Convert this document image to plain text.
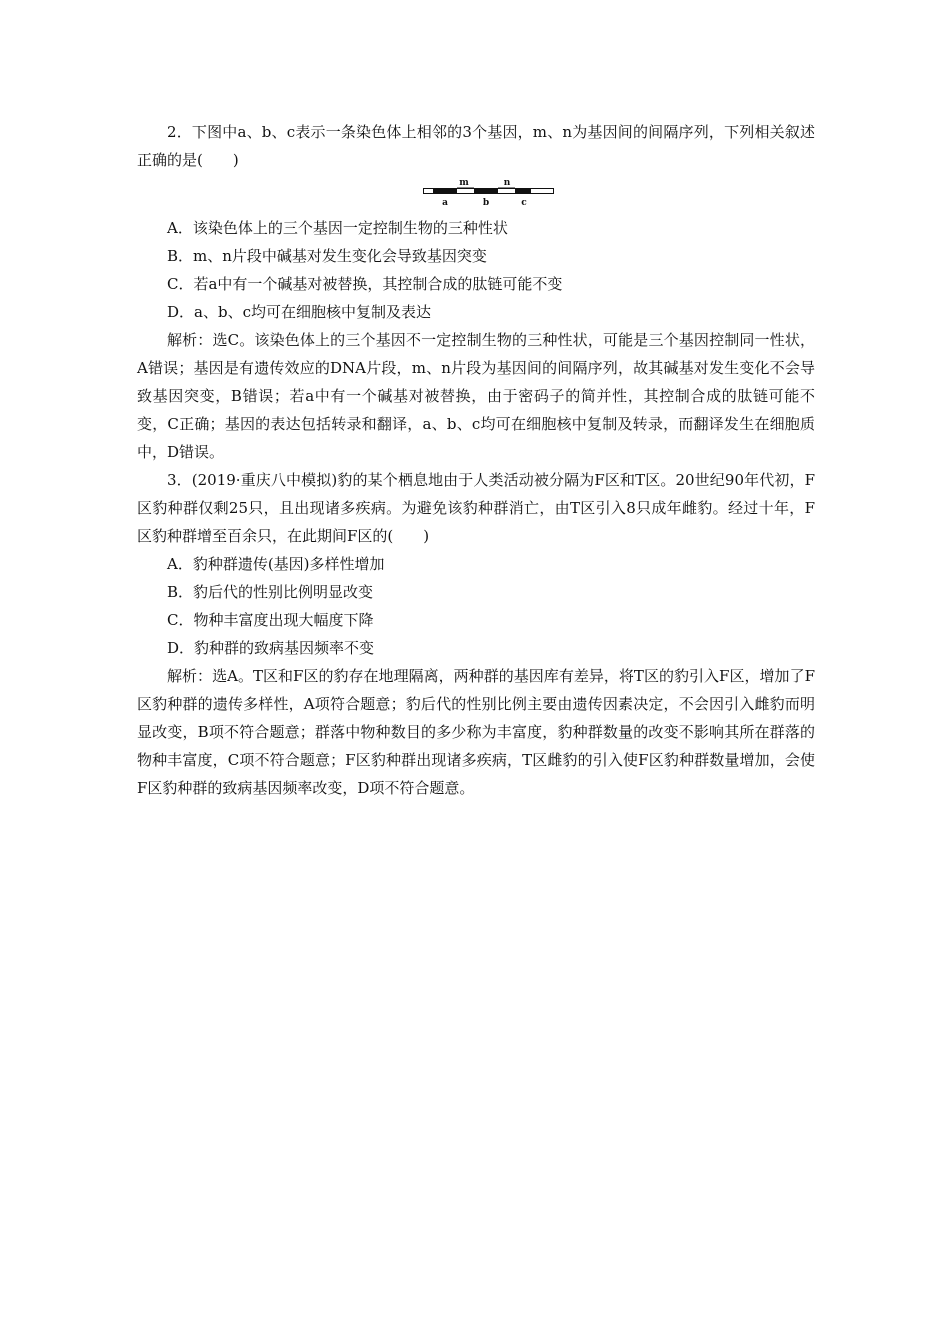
2．下图中a、b、c表示一条染色体上相邻的3个基因，m、n为基因间的间隔序列，下列相关叙述正确的是(　　)

m	n
a	b	c

A．该染色体上的三个基因一定控制生物的三种性状

B．m、n片段中碱基对发生变化会导致基因突变

C．若a中有一个碱基对被替换，其控制合成的肽链可能不变

D．a、b、c均可在细胞核中复制及表达

解析：选C。该染色体上的三个基因不一定控制生物的三种性状，可能是三个基因控制同一性状，A错误；基因是有遗传效应的DNA片段，m、n片段为基因间的间隔序列，故其碱基对发生变化不会导致基因突变，B错误；若a中有一个碱基对被替换，由于密码子的简并性，其控制合成的肽链可能不变，C正确；基因的表达包括转录和翻译，a、b、c均可在细胞核中复制及转录，而翻译发生在细胞质中，D错误。

3．(2019·重庆八中模拟)豹的某个栖息地由于人类活动被分隔为F区和T区。20世纪90年代初，F区豹种群仅剩25只，且出现诸多疾病。为避免该豹种群消亡，由T区引入8只成年雌豹。经过十年，F区豹种群增至百余只，在此期间F区的(　　)

A．豹种群遗传(基因)多样性增加

B．豹后代的性别比例明显改变

C．物种丰富度出现大幅度下降

D．豹种群的致病基因频率不变

解析：选A。T区和F区的豹存在地理隔离，两种群的基因库有差异，将T区的豹引入F区，增加了F区豹种群的遗传多样性，A项符合题意；豹后代的性别比例主要由遗传因素决定，不会因引入雌豹而明显改变，B项不符合题意；群落中物种数目的多少称为丰富度，豹种群数量的改变不影响其所在群落的物种丰富度，C项不符合题意；F区豹种群出现诸多疾病，T区雌豹的引入使F区豹种群数量增加，会使F区豹种群的致病基因频率改变，D项不符合题意。
